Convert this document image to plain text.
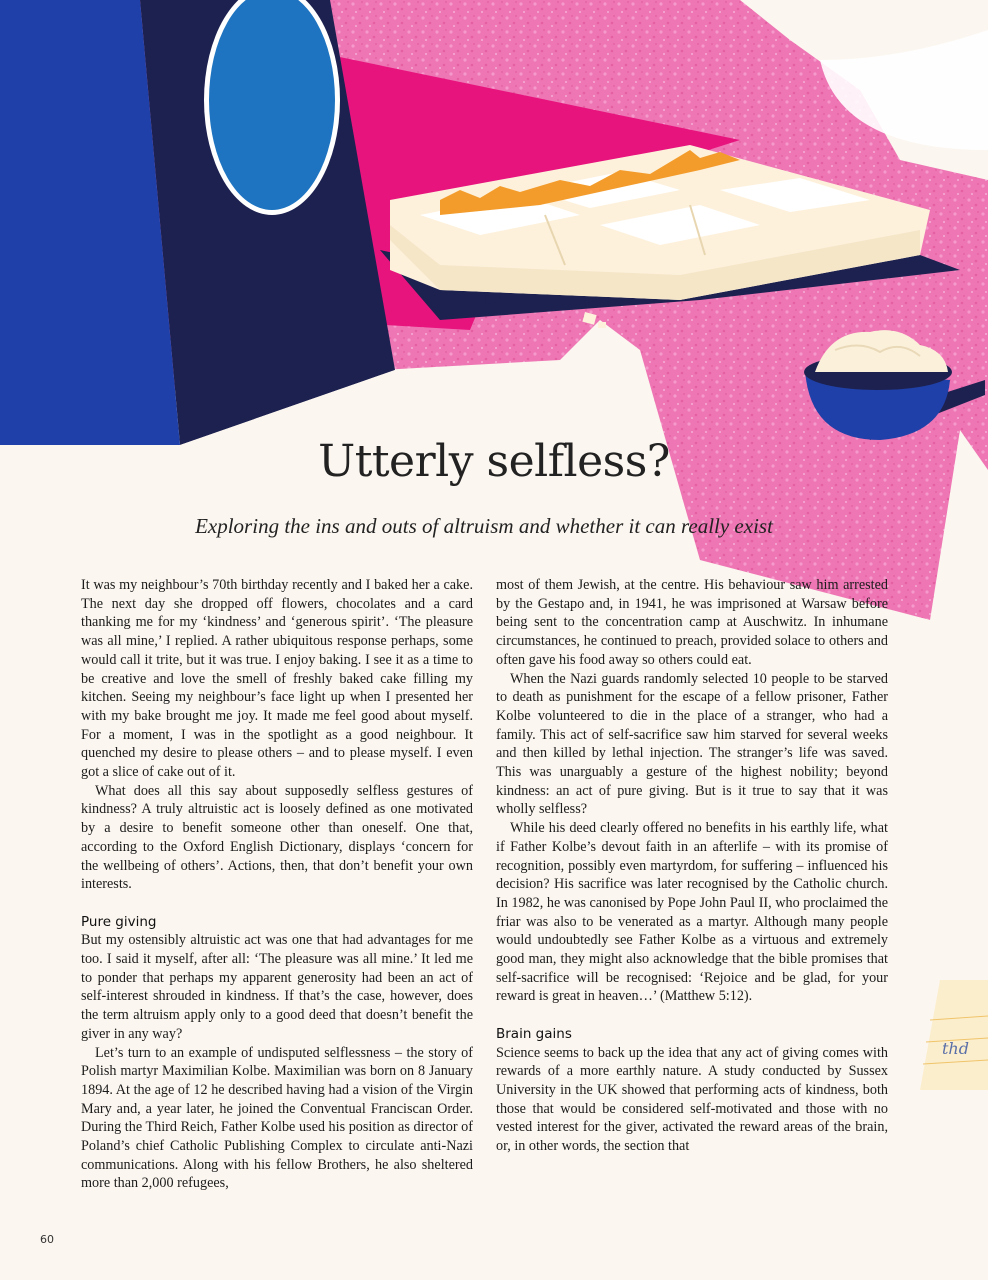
thd
Utterly selfless?

Exploring the ins and outs of altruism and whether it can really exist

It was my neighbour’s 70th birthday recently and I baked her a cake. The next day she dropped off flowers, chocolates and a card thanking me for my ‘kindness’ and ‘generous spirit’. ‘The pleasure was all mine,’ I replied. A rather ubiquitous response perhaps, some would call it trite, but it was true. I enjoy baking. I see it as a time to be creative and love the smell of freshly baked cake filling my kitchen. Seeing my neighbour’s face light up when I presented her with my bake brought me joy. It made me feel good about myself. For a moment, I was in the spotlight as a good neighbour. It quenched my desire to please others – and to please myself. I even got a slice of cake out of it.

What does all this say about supposedly selfless gestures of kindness? A truly altruistic act is loosely defined as one motivated by a desire to benefit someone other than oneself. One that, according to the Oxford English Dictionary, displays ‘concern for the wellbeing of others’. Actions, then, that don’t benefit your own interests.

Pure giving

But my ostensibly altruistic act was one that had advantages for me too. I said it myself, after all: ‘The pleasure was all mine.’ It led me to ponder that perhaps my apparent generosity had been an act of self-interest shrouded in kindness. If that’s the case, however, does the term altruism apply only to a good deed that doesn’t benefit the giver in any way?

Let’s turn to an example of undisputed selflessness – the story of Polish martyr Maximilian Kolbe. Maximilian was born on 8 January 1894. At the age of 12 he described having had a vision of the Virgin Mary and, a year later, he joined the Conventual Franciscan Order. During the Third Reich, Father Kolbe used his position as director of Poland’s chief Catholic Publishing Complex to circulate anti-Nazi communications. Along with his fellow Brothers, he also sheltered more than 2,000 refugees,

most of them Jewish, at the centre. His behaviour saw him arrested by the Gestapo and, in 1941, he was imprisoned at Warsaw before being sent to the concentration camp at Auschwitz. In inhumane circumstances, he continued to preach, provided solace to others and often gave his food away so others could eat.

When the Nazi guards randomly selected 10 people to be starved to death as punishment for the escape of a fellow prisoner, Father Kolbe volunteered to die in the place of a stranger, who had a family. This act of self-sacrifice saw him starved for several weeks and then killed by lethal injection. The stranger’s life was saved. This was unarguably a gesture of the highest nobility; beyond kindness: an act of pure giving. But is it true to say that it was wholly selfless?

While his deed clearly offered no benefits in his earthly life, what if Father Kolbe’s devout faith in an afterlife – with its promise of recognition, possibly even martyrdom, for suffering – influenced his decision? His sacrifice was later recognised by the Catholic church. In 1982, he was canonised by Pope John Paul II, who proclaimed the friar was also to be venerated as a martyr. Although many people would undoubtedly see Father Kolbe as a virtuous and extremely good man, they might also acknowledge that the bible promises that self-sacrifice will be recognised: ‘Rejoice and be glad, for your reward is great in heaven…’ (Matthew 5:12).

Brain gains

Science seems to back up the idea that any act of giving comes with rewards of a more earthly nature. A study conducted by Sussex University in the UK showed that performing acts of kindness, both those that would be considered self-motivated and those with no vested interest for the giver, activated the reward areas of the brain, or, in other words, the section that

60
